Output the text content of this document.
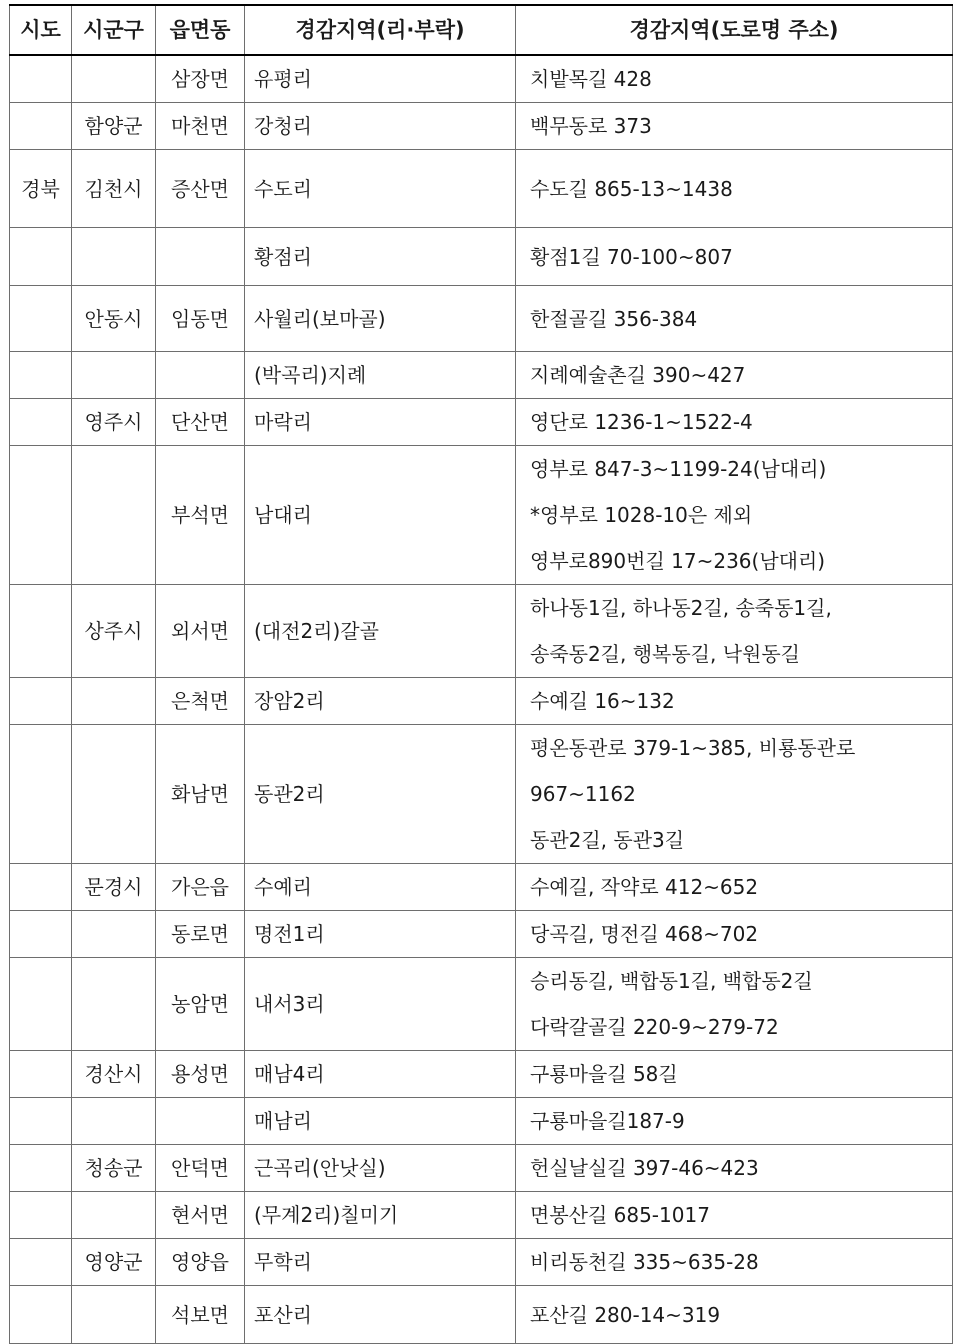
시도	시군구	읍면동	경감지역(리·부락)	경감지역(도로명 주소)
		삼장면	유평리	치밭목길 428

	함양군	마천면	강청리	백무동로 373

경북	김천시	증산면	수도리	수도길 865-13~1438

			황점리	황점1길 70-100~807

	안동시	임동면	사월리(보마골)	한절골길 356-384

			(박곡리)지례	지례예술촌길 390~427

	영주시	단산면	마락리	영단로 1236-1~1522-4

		부석면	남대리	영부로 847-3~1199-24(남대리)
*영부로 1028-10은 제외
영부로890번길 17~236(남대리)

	상주시	외서면	(대전2리)갈골	하나동1길, 하나동2길, 송죽동1길,
송죽동2길, 행복동길, 낙원동길

		은척면	장암2리	수예길 16~132

		화남면	동관2리	평온동관로 379-1~385, 비룡동관로 967~1162
동관2길, 동관3길

	문경시	가은읍	수예리	수예길, 작약로 412~652

		동로면	명전1리	당곡길, 명전길 468~702

		농암면	내서3리	승리동길, 백합동1길, 백합동2길
다락갈골길 220-9~279-72

	경산시	용성면	매남4리	구룡마을길 58길

			매남리	구룡마을길187-9

	청송군	안덕면	근곡리(안낫실)	헌실날실길 397-46~423

		현서면	(무계2리)칠미기	면봉산길 685-1017

	영양군	영양읍	무학리	비리동천길 335~635-28

		석보면	포산리	포산길 280-14~319
